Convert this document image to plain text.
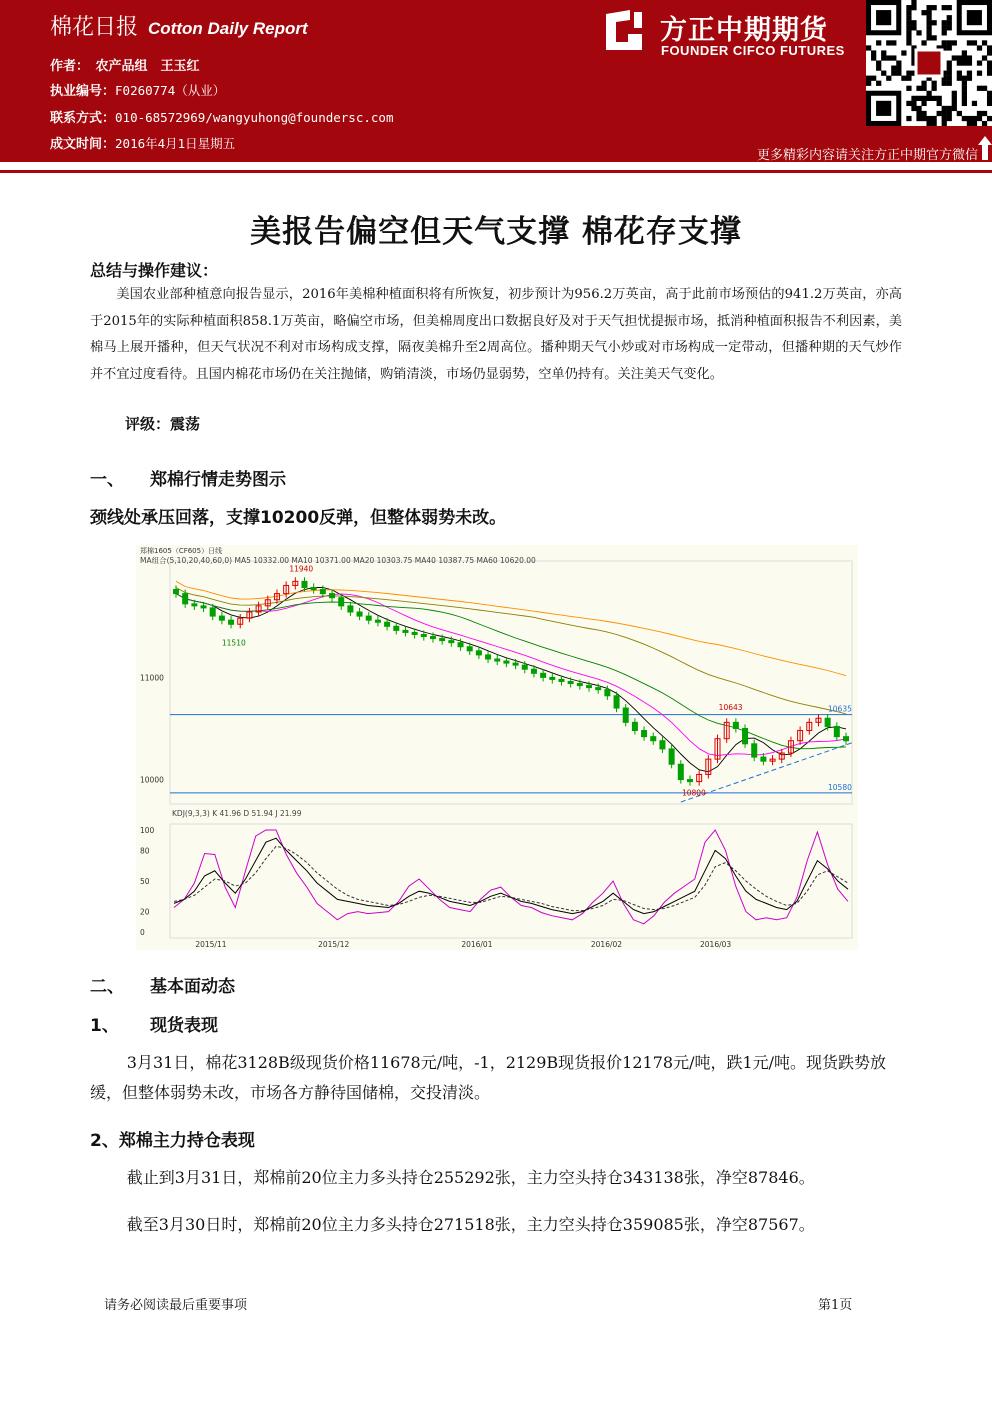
棉花日报 Cotton Daily Report
作者：　 农产品组　王玉红
执业编号：F0260774（从业）
联系方式：010-68572969/wangyuhong@foundersc.com
成文时间：2016年4月1日星期五
方正中期期货
FOUNDER CIFCO FUTURES
更多精彩内容请关注方正中期官方微信
美报告偏空但天气支撑 棉花存支撑
总结与操作建议：
美国农业部种植意向报告显示，2016年美棉种植面积将有所恢复，初步预计为956.2万英亩，高于此前市场预估的941.2万英亩，亦高于2015年的实际种植面积858.1万英亩，略偏空市场，但美棉周度出口数据良好及对于天气担忧提振市场，抵消种植面积报告不利因素，美棉马上展开播种，但天气状况不利对市场构成支撑，隔夜美棉升至2周高位。播种期天气小炒或对市场构成一定带动，但播种期的天气炒作并不宜过度看待。且国内棉花市场仍在关注抛储，购销清淡，市场仍显弱势，空单仍持有。关注美天气变化。
评级：震荡
一、 郑棉行情走势图示
颈线处承压回落，支撑10200反弹，但整体弱势未改。
郑棉1605（CF605）日线
MA组合(5,10,20,40,60,0) MA5 10332.00 MA10 10371.00 MA20 10303.75 MA40 10387.75 MA60 10620.00
11000
10000
11940
11510
10643
10800
10635
10580
KDJ(9,3,3) K 41.96 D 51.94 J 21.99
100
80
50
20
0
2015/11	2015/12	2016/01	2016/02	2016/03
二、 基本面动态
1、 现货表现
3月31日，棉花3128B级现货价格11678元/吨，-1，2129B现货报价12178元/吨，跌1元/吨。现货跌势放缓，但整体弱势未改，市场各方静待国储棉，交投清淡。
2、郑棉主力持仓表现
截止到3月31日，郑棉前20位主力多头持仓255292张，主力空头持仓343138张，净空87846。
截至3月30日时，郑棉前20位主力多头持仓271518张，主力空头持仓359085张，净空87567。
请务必阅读最后重要事项	第1页
